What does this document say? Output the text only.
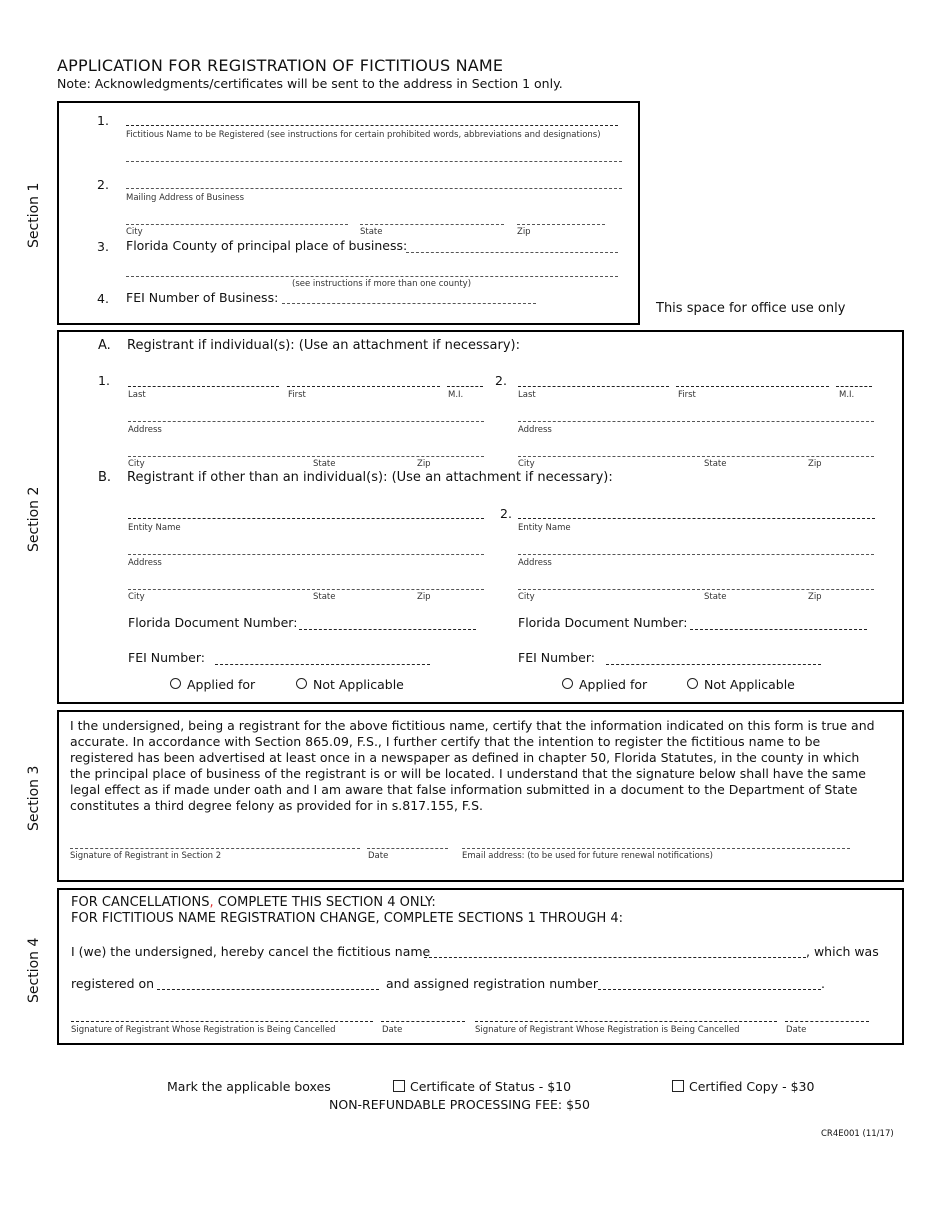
APPLICATION FOR REGISTRATION OF FICTITIOUS NAME
Note: Acknowledgments/certificates will be sent to the address in Section 1 only.
Section 1
Section 2
Section 3
Section 4
1.
Fictitious Name to be Registered (see instructions for certain prohibited words, abbreviations and designations)
2.
Mailing Address of Business
City	State	Zip
3. Florida County of principal place of business:
(see instructions if more than one county)
4. FEI Number of Business:
This space for office use only
A. Registrant if individual(s): (Use an attachment if necessary):
1.
Last	First	M.I.
Address
City	State	Zip
2.
Last	First	M.I.
Address
City	State	Zip
B. Registrant if other than an individual(s): (Use an attachment if necessary):
Entity Name
Address
City	State	Zip
Florida Document Number:
FEI Number:
Applied for	Not Applicable
2.
Entity Name
Address
City	State	Zip
Florida Document Number:
FEI Number:
Applied for	Not Applicable
I the undersigned, being a registrant for the above fictitious name, certify that the information indicated on this form is true and accurate. In accordance with Section 865.09, F.S., I further certify that the intention to register the fictitious name to be registered has been advertised at least once in a newspaper as defined in chapter 50, Florida Statutes, in the county in which the principal place of business of the registrant is or will be located. I understand that the signature below shall have the same legal effect as if made under oath and I am aware that false information submitted in a document to the Department of State constitutes a third degree felony as provided for in s.817.155, F.S.
Signature of Registrant in Section 2	Date	Email address: (to be used for future renewal notifications)
FOR CANCELLATIONS, COMPLETE THIS SECTION 4 ONLY:
FOR FICTITIOUS NAME REGISTRATION CHANGE, COMPLETE SECTIONS 1 THROUGH 4:
I (we) the undersigned, hereby cancel the fictitious name	, which was
registered on	and assigned registration number	.
Signature of Registrant Whose Registration is Being Cancelled	Date	Signature of Registrant Whose Registration is Being Cancelled	Date
Mark the applicable boxes	Certificate of Status - $10	Certified Copy - $30
NON-REFUNDABLE PROCESSING FEE: $50
CR4E001 (11/17)
